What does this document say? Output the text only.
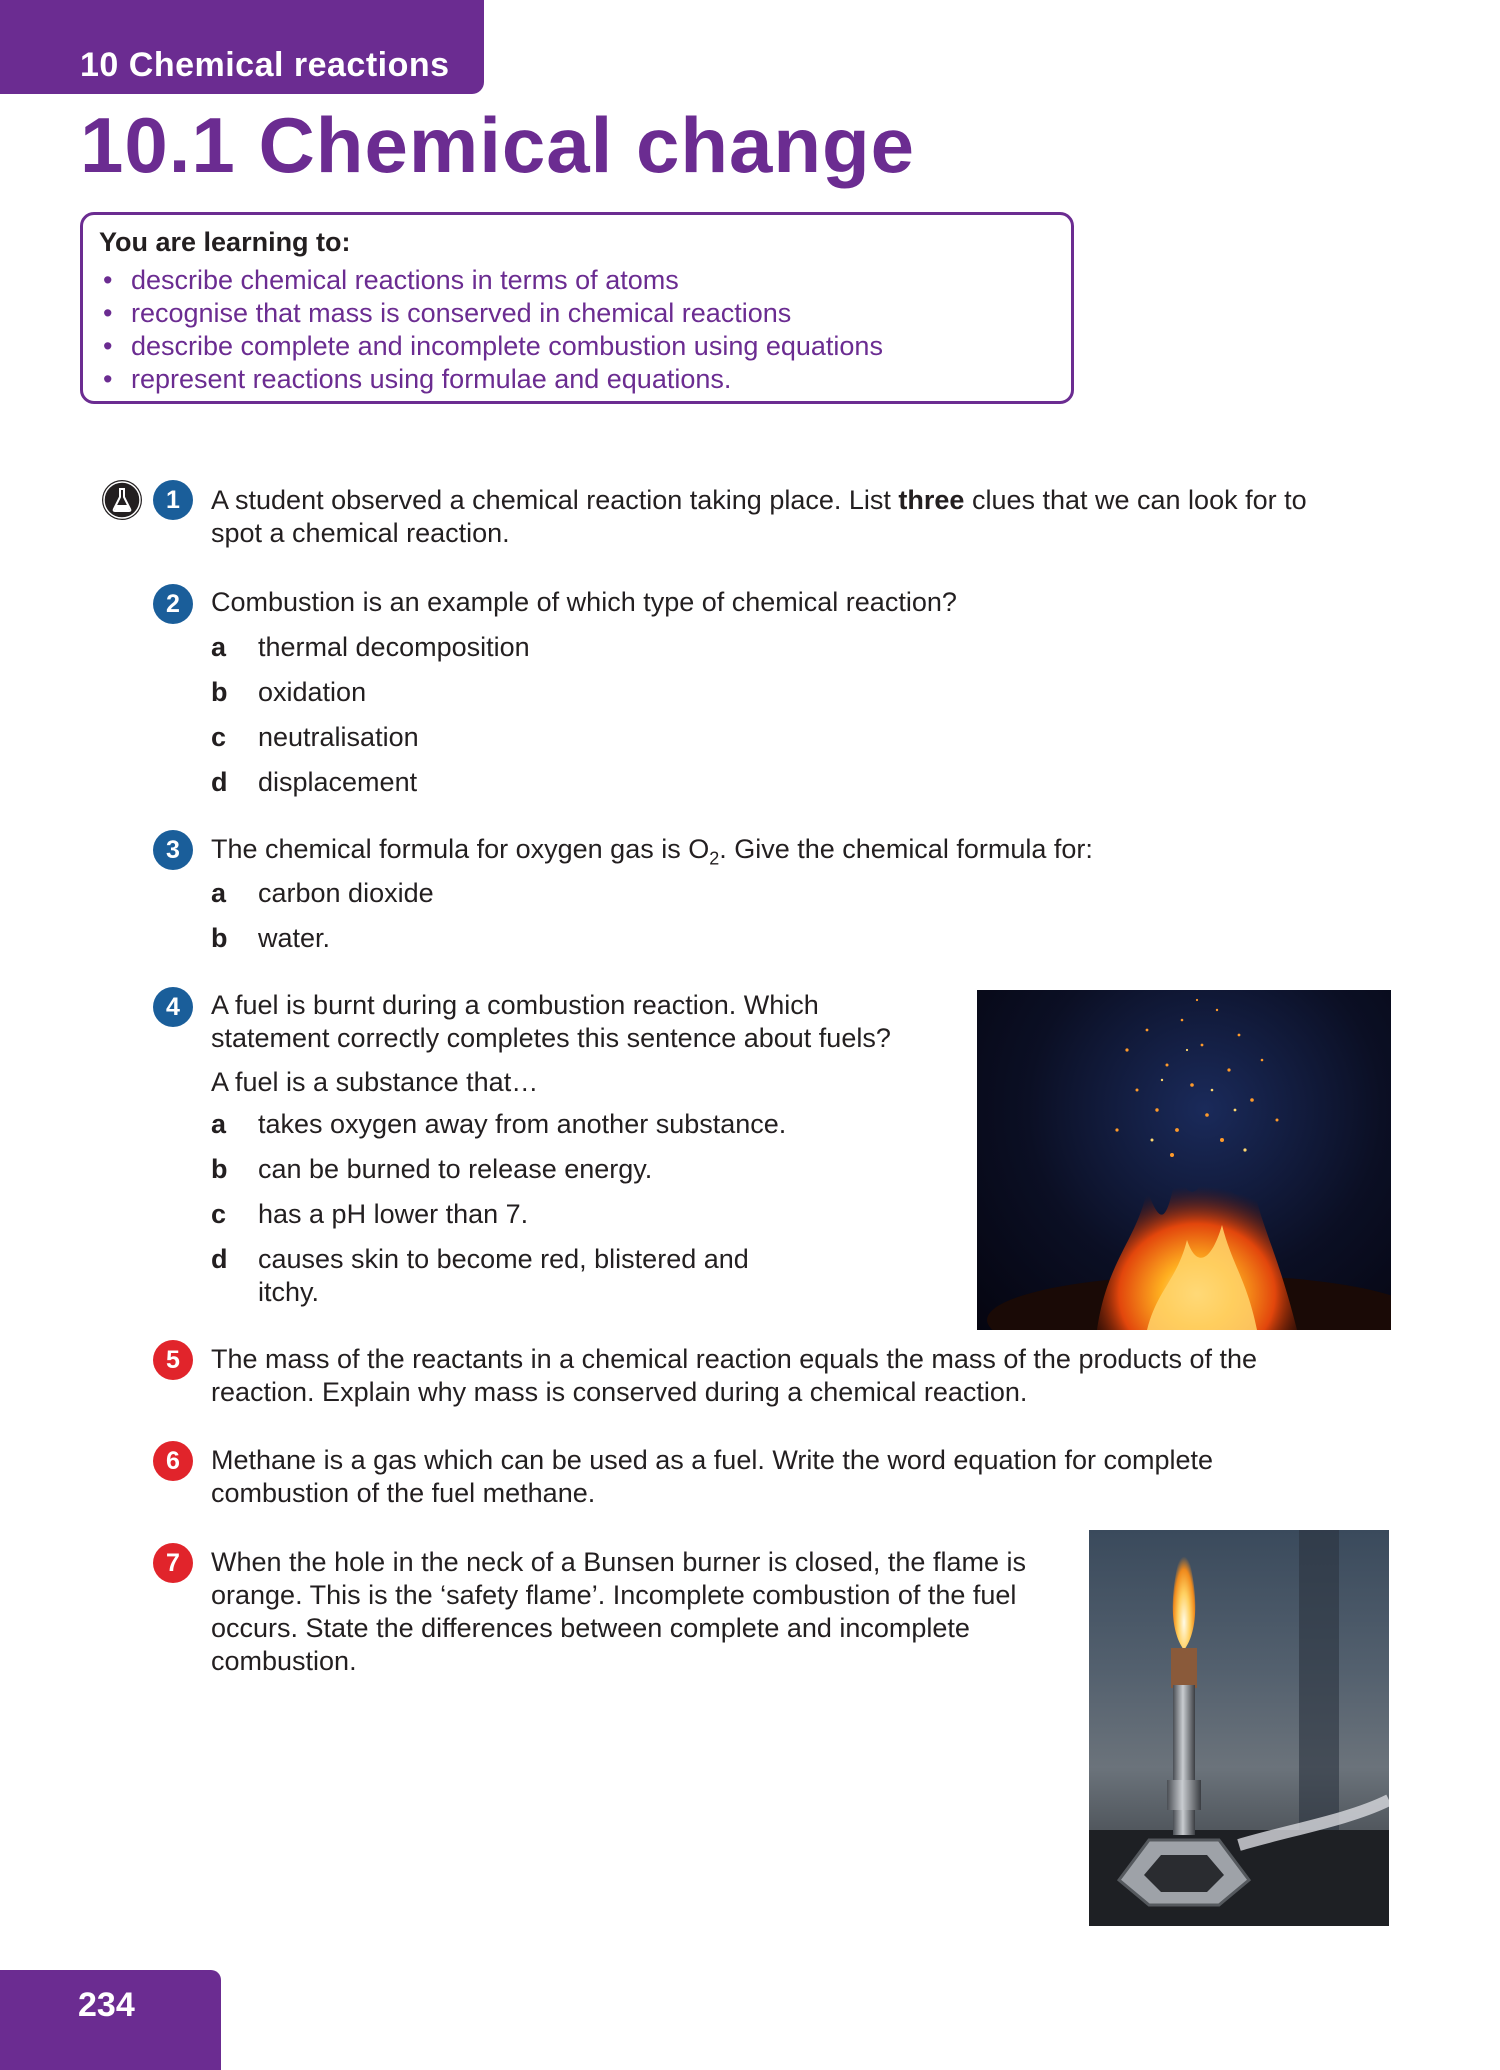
10 Chemical reactions
10.1 Chemical change
You are learning to:
• describe chemical reactions in terms of atoms
• recognise that mass is conserved in chemical reactions
• describe complete and incomplete combustion using equations
• represent reactions using formulae and equations.
1	A student observed a chemical reaction taking place. List three clues that we can look for to spot a chemical reaction.

2	Combustion is an example of which type of chemical reaction?

a thermal decomposition
b oxidation
c neutralisation
d displacement
3	The chemical formula for oxygen gas is $O_2$. Give the chemical formula for:

a carbon dioxide
b water.
4	A fuel is burnt during a combustion reaction. Which statement correctly completes this sentence about fuels?

A fuel is a substance that…

a takes oxygen away from another substance.
b can be burned to release energy.
c has a pH lower than 7.
d causes skin to become red, blistered and itchy.
5	The mass of the reactants in a chemical reaction equals the mass of the products of the reaction. Explain why mass is conserved during a chemical reaction.

6	Methane is a gas which can be used as a fuel. Write the word equation for complete combustion of the fuel methane.

7	When the hole in the neck of a Bunsen burner is closed, the flame is orange. This is the ‘safety flame’. Incomplete combustion of the fuel occurs. State the differences between complete and incomplete combustion.

234
